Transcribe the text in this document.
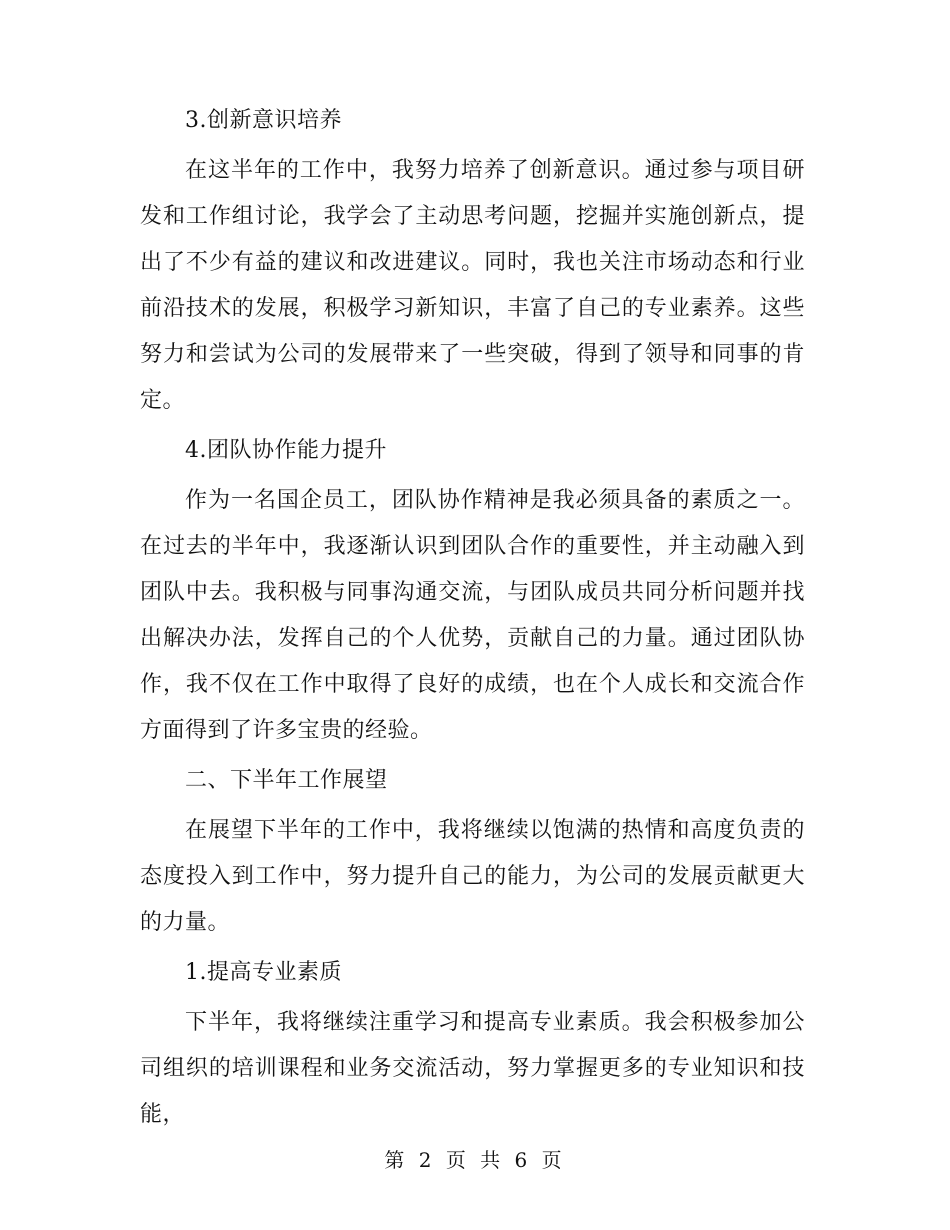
3.创新意识培养

在这半年的工作中，我努力培养了创新意识。通过参与项目研发和工作组讨论，我学会了主动思考问题，挖掘并实施创新点，提出了不少有益的建议和改进建议。同时，我也关注市场动态和行业前沿技术的发展，积极学习新知识，丰富了自己的专业素养。这些努力和尝试为公司的发展带来了一些突破，得到了领导和同事的肯定。

4.团队协作能力提升

作为一名国企员工，团队协作精神是我必须具备的素质之一。在过去的半年中，我逐渐认识到团队合作的重要性，并主动融入到团队中去。我积极与同事沟通交流，与团队成员共同分析问题并找出解决办法，发挥自己的个人优势，贡献自己的力量。通过团队协作，我不仅在工作中取得了良好的成绩，也在个人成长和交流合作方面得到了许多宝贵的经验。

二、下半年工作展望

在展望下半年的工作中，我将继续以饱满的热情和高度负责的态度投入到工作中，努力提升自己的能力，为公司的发展贡献更大的力量。

1.提高专业素质

下半年，我将继续注重学习和提高专业素质。我会积极参加公司组织的培训课程和业务交流活动，努力掌握更多的专业知识和技能，

第 2 页 共 6 页
